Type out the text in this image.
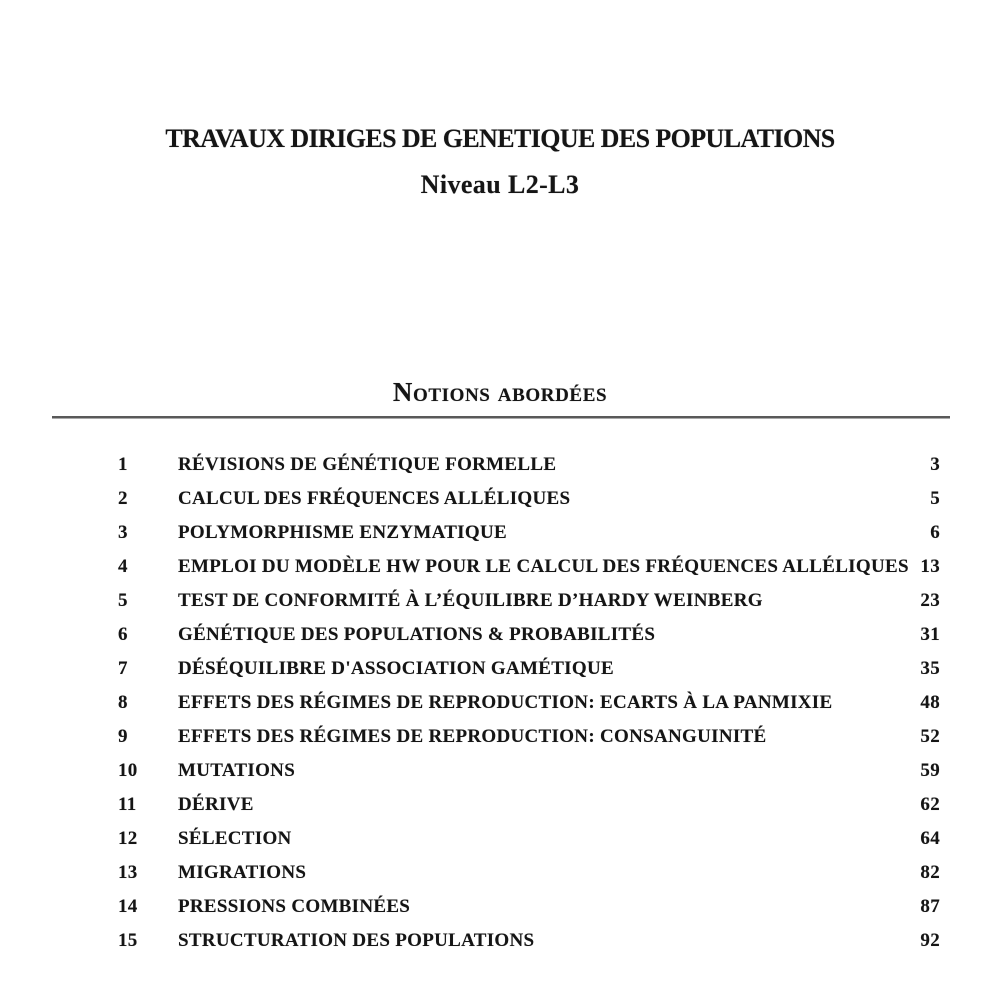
TRAVAUX DIRIGES DE GENETIQUE DES POPULATIONS
Niveau L2-L3
Notions abordées
1	RÉVISIONS DE GÉNÉTIQUE FORMELLE	3
2	CALCUL DES FRÉQUENCES ALLÉLIQUES	5
3	POLYMORPHISME ENZYMATIQUE	6
4	EMPLOI DU MODÈLE HW POUR LE CALCUL DES FRÉQUENCES ALLÉLIQUES 13
5	TEST DE CONFORMITÉ À L’ÉQUILIBRE D’HARDY WEINBERG	23
6	GÉNÉTIQUE DES POPULATIONS & PROBABILITÉS	31
7	DÉSÉQUILIBRE D'ASSOCIATION GAMÉTIQUE	35
8	EFFETS DES RÉGIMES DE REPRODUCTION: ECARTS À LA PANMIXIE	48
9	EFFETS DES RÉGIMES DE REPRODUCTION: CONSANGUINITÉ	52
10	MUTATIONS	59
11	DÉRIVE	62
12	SÉLECTION	64
13	MIGRATIONS	82
14	PRESSIONS COMBINÉES	87
15	STRUCTURATION DES POPULATIONS	92
